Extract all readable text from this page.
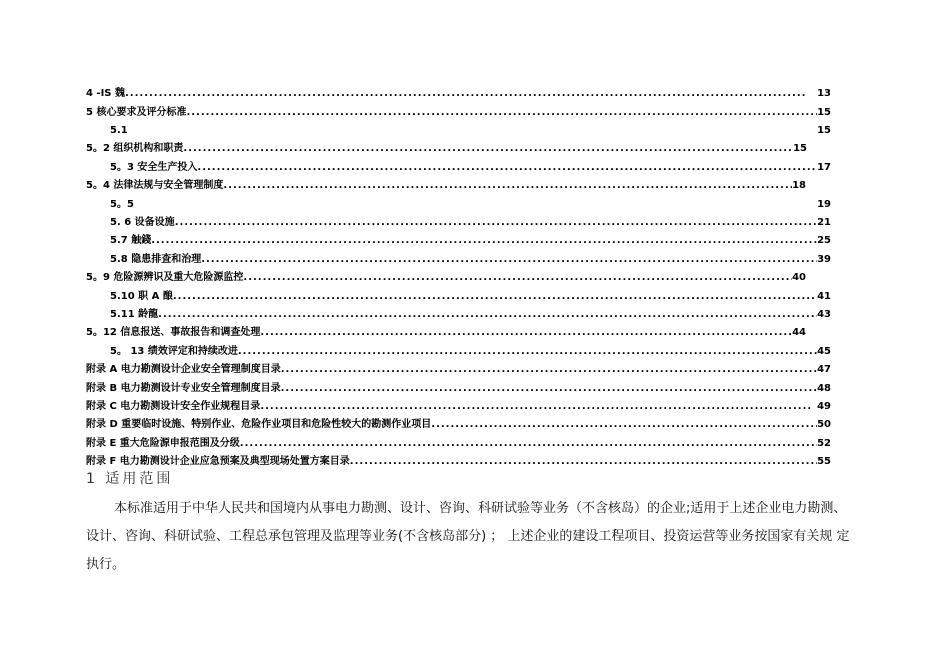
4 -IS 魏 .....	13
5 核心要求及评分标准 .....	15
5.1	15
5。2 组织机构和职责 .....	15
5。3 安全生产投入 .....	17
5。4 法律法规与安全管理制度 .....	18
5。5	19
5. 6 设备设施 .....	21
5.7 触錢 .....	25
5.8 隐患排查和治理 .....	39
5。9 危险源辨识及重大危险源监控 .....	40
5.10 职 A 酿 .....	41
5.11 龄龍 .....	43
5。12 信息报送、事故报告和调查处理 .....	44
5。 13 绩效评定和持续改进 .....	45
附录 A 电力勘测设计企业安全管理制度目录 .....	47
附录 B 电力勘测设计专业安全管理制度目录 .....	48
附录 C 电力勘测设计安全作业规程目录 .....	49
附录 D 重要临时设施、特别作业、危险作业项目和危险性较大的勘测作业项目 .....	50
附录 E 重大危险源申报范围及分级 .....	52
附录 F 电力勘测设计企业应急预案及典型现场处置方案目录 .....	55
1 适用范围
本标准适用于中华人民共和国境内从事电力勘测、设计、咨询、科研试验等业务（不含核岛）的企业;适用于上述企业电力勘测、 设计、咨询、科研试验、工程总承包管理及监理等业务(不含核岛部分) ； 上述企业的建设工程项目、投资运营等业务按国家有关规 定执行。
